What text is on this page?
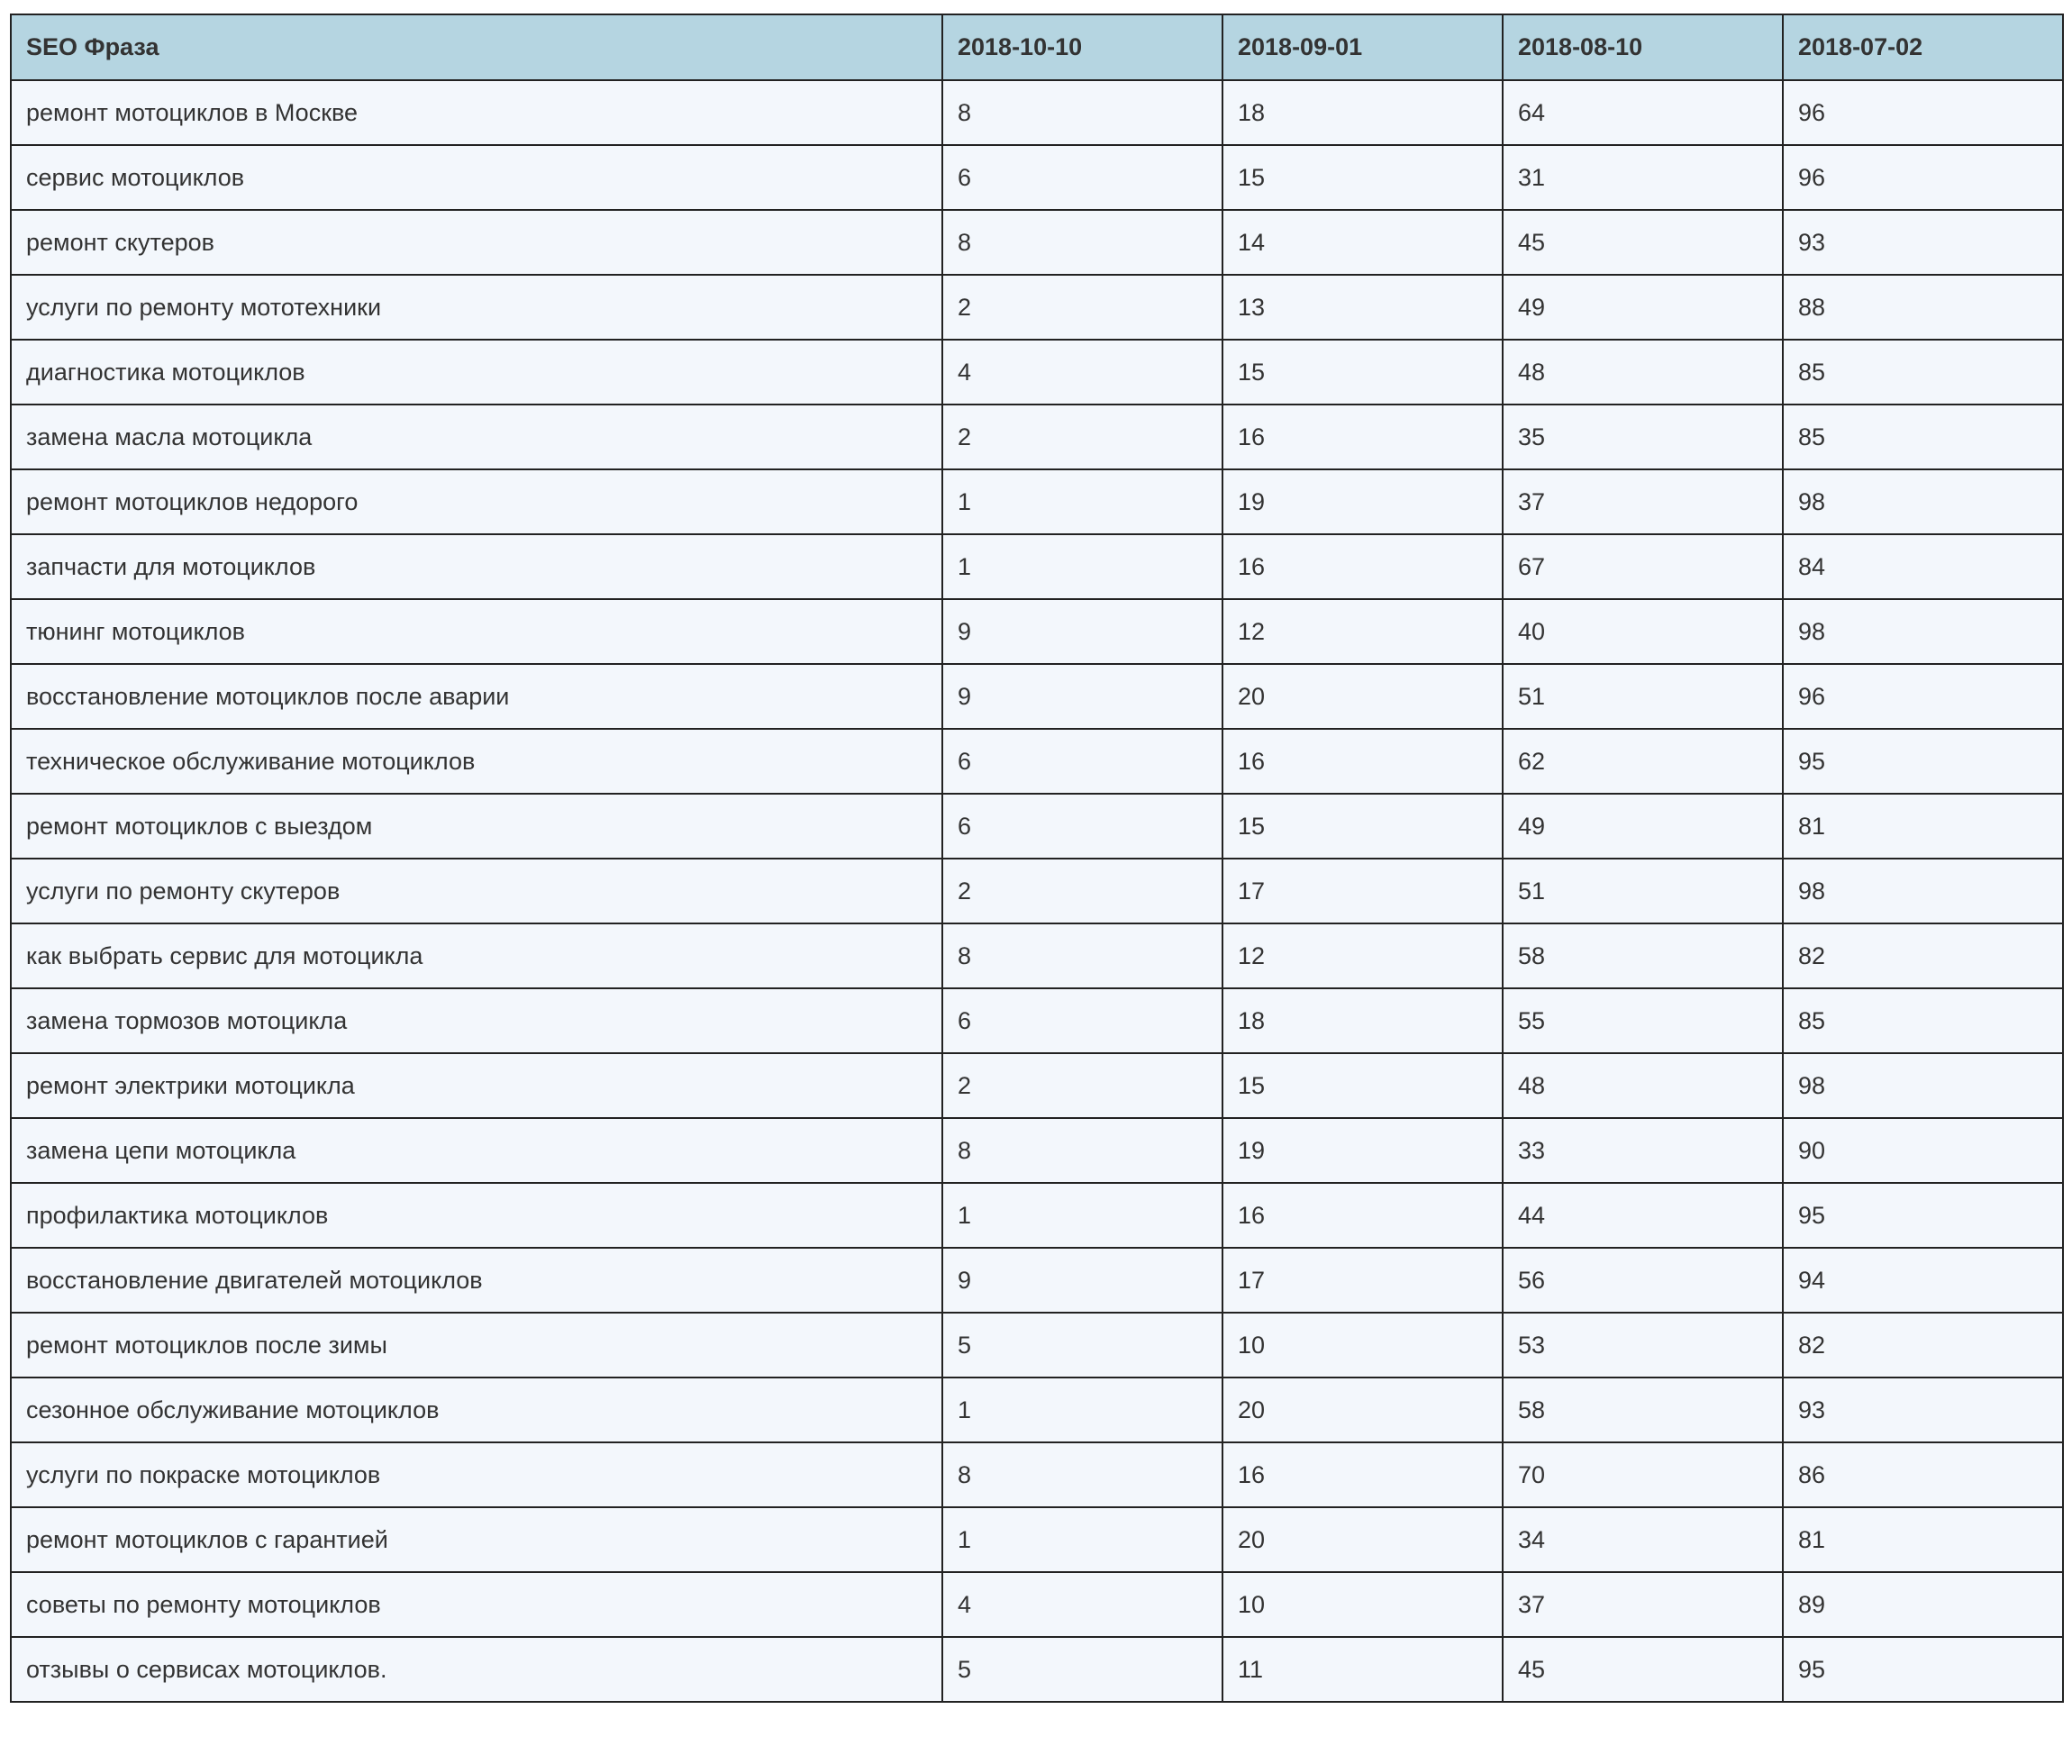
SEO Фраза	2018-10-10	2018-09-01	2018-08-10	2018-07-02
ремонт мотоциклов в Москве	8	18	64	96
сервис мотоциклов	6	15	31	96
ремонт скутеров	8	14	45	93
услуги по ремонту мототехники	2	13	49	88
диагностика мотоциклов	4	15	48	85
замена масла мотоцикла	2	16	35	85
ремонт мотоциклов недорого	1	19	37	98
запчасти для мотоциклов	1	16	67	84
тюнинг мотоциклов	9	12	40	98
восстановление мотоциклов после аварии	9	20	51	96
техническое обслуживание мотоциклов	6	16	62	95
ремонт мотоциклов с выездом	6	15	49	81
услуги по ремонту скутеров	2	17	51	98
как выбрать сервис для мотоцикла	8	12	58	82
замена тормозов мотоцикла	6	18	55	85
ремонт электрики мотоцикла	2	15	48	98
замена цепи мотоцикла	8	19	33	90
профилактика мотоциклов	1	16	44	95
восстановление двигателей мотоциклов	9	17	56	94
ремонт мотоциклов после зимы	5	10	53	82
сезонное обслуживание мотоциклов	1	20	58	93
услуги по покраске мотоциклов	8	16	70	86
ремонт мотоциклов с гарантией	1	20	34	81
советы по ремонту мотоциклов	4	10	37	89
отзывы о сервисах мотоциклов.	5	11	45	95
